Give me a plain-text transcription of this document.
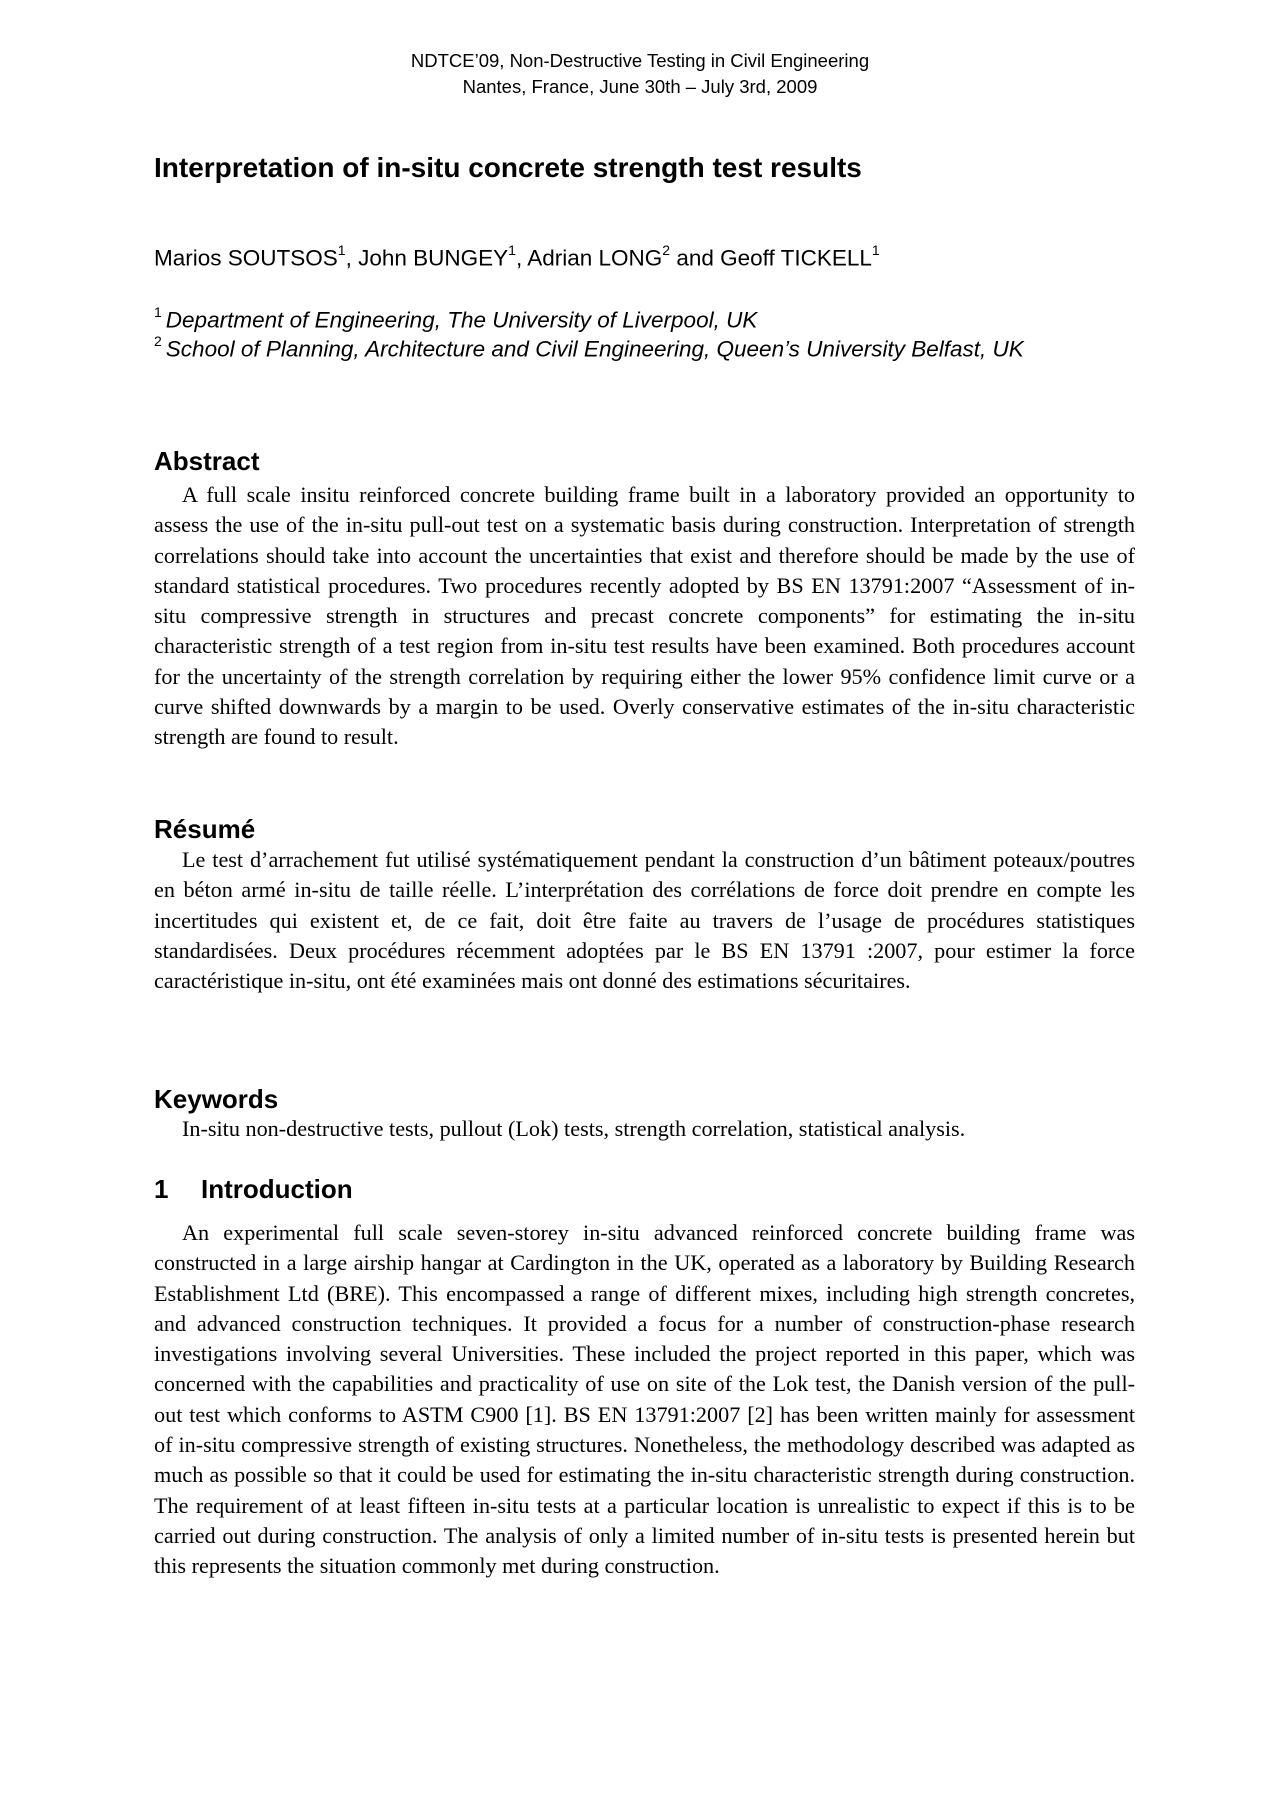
NDTCE’09, Non-Destructive Testing in Civil Engineering
Nantes, France, June 30th – July 3rd, 2009
Interpretation of in-situ concrete strength test results
Marios SOUTSOS$^1$, John BUNGEY$^1$, Adrian LONG$^2$ and Geoff TICKELL$^1$
$^1$ Department of Engineering, The University of Liverpool, UK
$^2$ School of Planning, Architecture and Civil Engineering, Queen’s University Belfast, UK
Abstract

A full scale insitu reinforced concrete building frame built in a laboratory provided an opportunity to assess the use of the in-situ pull-out test on a systematic basis during construction. Interpretation of strength correlations should take into account the uncertainties that exist and therefore should be made by the use of standard statistical procedures. Two procedures recently adopted by BS EN 13791:2007 “Assessment of in-situ compressive strength in structures and precast concrete components” for estimating the in-situ characteristic strength of a test region from in-situ test results have been examined. Both procedures account for the uncertainty of the strength correlation by requiring either the lower 95% confidence limit curve or a curve shifted downwards by a margin to be used. Overly conservative estimates of the in-situ characteristic strength are found to result.

Résumé

Le test d’arrachement fut utilisé systématiquement pendant la construction d’un bâtiment poteaux/poutres en béton armé in-situ de taille réelle. L’interprétation des corrélations de force doit prendre en compte les incertitudes qui existent et, de ce fait, doit être faite au travers de l’usage de procédures statistiques standardisées. Deux procédures récemment adoptées par le BS EN 13791 :2007, pour estimer la force caractéristique in-situ, ont été examinées mais ont donné des estimations sécuritaires.

Keywords
In-situ non-destructive tests, pullout (Lok) tests, strength correlation, statistical analysis.
1 Introduction

An experimental full scale seven-storey in-situ advanced reinforced concrete building frame was constructed in a large airship hangar at Cardington in the UK, operated as a laboratory by Building Research Establishment Ltd (BRE). This encompassed a range of different mixes, including high strength concretes, and advanced construction techniques. It provided a focus for a number of construction-phase research investigations involving several Universities. These included the project reported in this paper, which was concerned with the capabilities and practicality of use on site of the Lok test, the Danish version of the pull-out test which conforms to ASTM C900 [1]. BS EN 13791:2007 [2] has been written mainly for assessment of in-situ compressive strength of existing structures. Nonetheless, the methodology described was adapted as much as possible so that it could be used for estimating the in-situ characteristic strength during construction. The requirement of at least fifteen in-situ tests at a particular location is unrealistic to expect if this is to be carried out during construction. The analysis of only a limited number of in-situ tests is presented herein but this represents the situation commonly met during construction.
